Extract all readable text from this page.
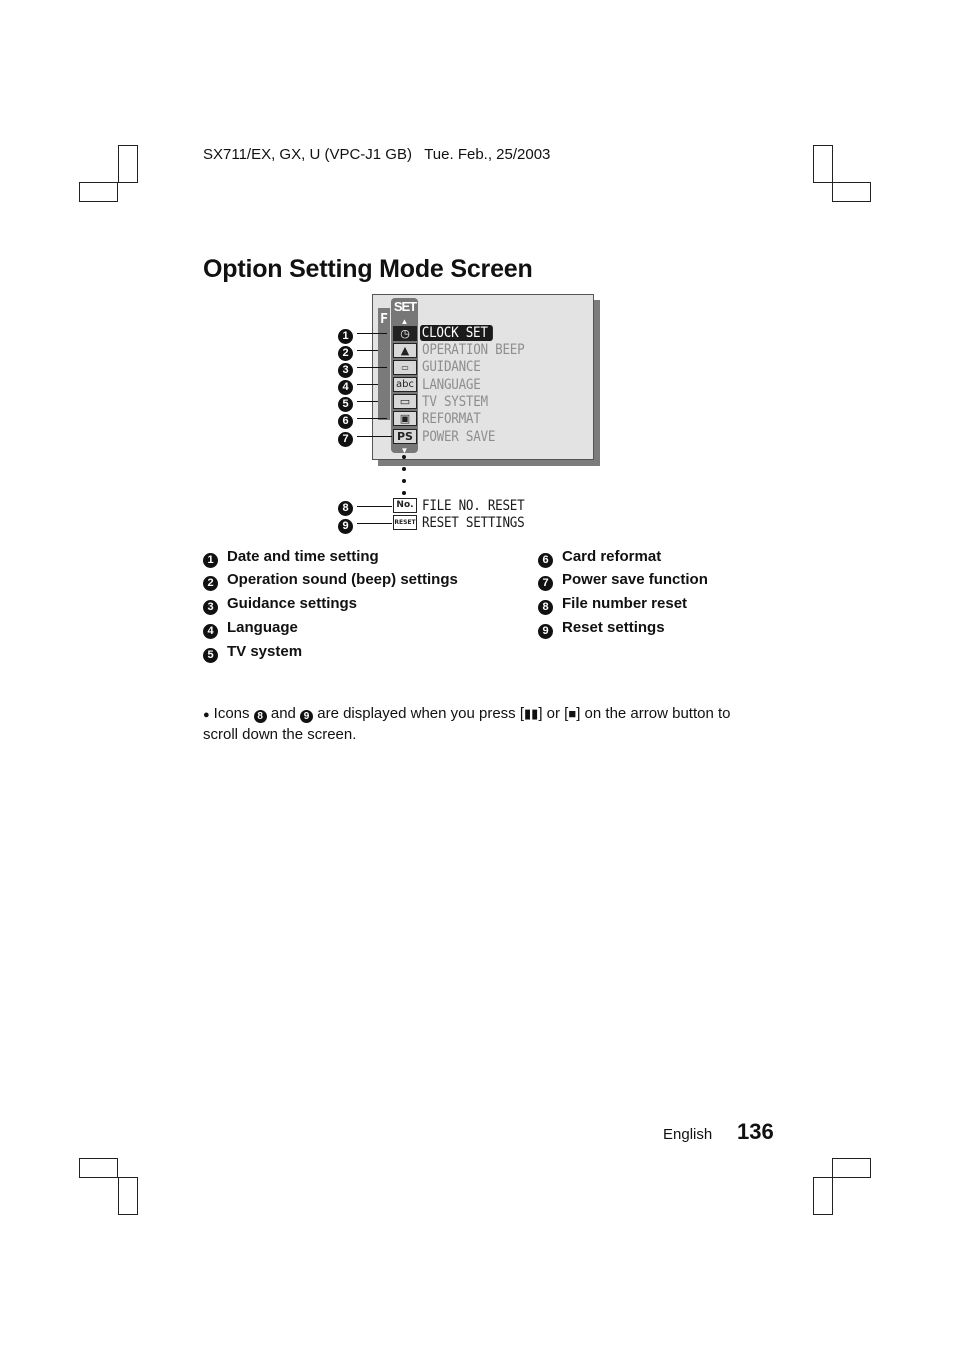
SX711/EX, GX, U (VPC-J1 GB) Tue. Feb., 25/2003
Option Setting Mode Screen
F
SET
▲
▼
◷
▲
▭
abc
▭
▣
PS
No.
RESET
CLOCK SET
OPERATION BEEP
GUIDANCE
LANGUAGE
TV SYSTEM
REFORMAT
POWER SAVE
FILE NO. RESET
RESET SETTINGS
1
2
3
4
5
6
7
8
9
1 Date and time setting
2 Operation sound (beep) settings
3 Guidance settings
4 Language
5 TV system
6 Card reformat
7 Power save function
8 File number reset
9 Reset settings
● Icons 8 and 9 are displayed when you press [▮▮] or [■] on the arrow button to scroll down the screen.
English 136
